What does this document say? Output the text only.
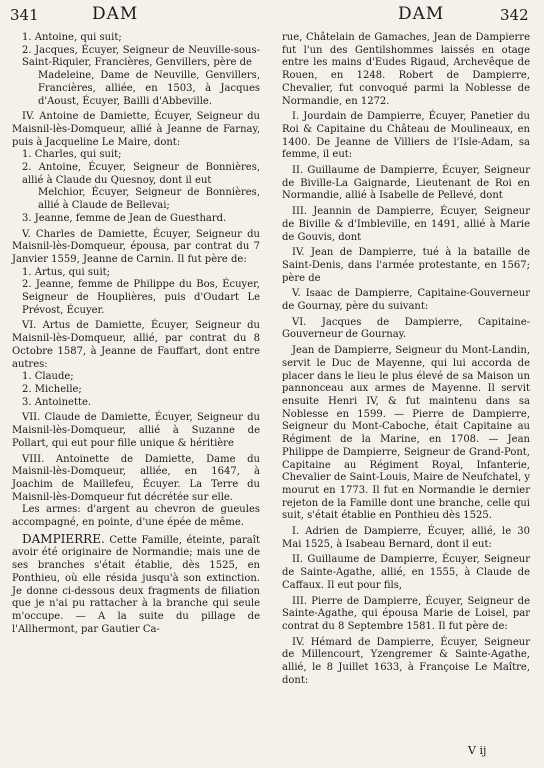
341	DAM	DAM	342

1. Antoine, qui suit;

2. Jacques, Écuyer, Seigneur de Neuville-sous-Saint-Riquier, Francières, Genvillers, père de

Madeleine, Dame de Neuville, Genvillers, Francières, alliée, en 1503, à Jacques d'Aoust, Écuyer, Bailli d'Abbeville.

IV. Antoine de Damiette, Écuyer, Seigneur du Maisnil-lès-Domqueur, allié à Jeanne de Farnay, puis à Jacqueline Le Maire, dont:

1. Charles, qui suit;

2. Antoine, Écuyer, Seigneur de Bonnières, allié à Claude du Quesnoy, dont il eut

Melchior, Écuyer, Seigneur de Bonnières, allié à Claude de Bellevai;

3. Jeanne, femme de Jean de Guesthard.

V. Charles de Damiette, Écuyer, Seigneur du Maisnil-lès-Domqueur, épousa, par contrat du 7 Janvier 1559, Jeanne de Carnin. Il fut père de:

1. Artus, qui suit;

2. Jeanne, femme de Philippe du Bos, Écuyer, Seigneur de Houplières, puis d'Oudart Le Prévost, Écuyer.

VI. Artus de Damiette, Écuyer, Seigneur du Maisnil-lès-Domqueur, allié, par contrat du 8 Octobre 1587, à Jeanne de Fauffart, dont entre autres:

1. Claude;

2. Michelle;

3. Antoinette.

VII. Claude de Damiette, Écuyer, Seigneur du Maisnil-lès-Domqueur, allié à Suzanne de Pollart, qui eut pour fille unique & héritière

VIII. Antoinette de Damiette, Dame du Maisnil-lès-Domqueur, alliée, en 1647, à Joachim de Maillefeu, Écuyer. La Terre du Maisnil-lès-Domqueur fut décrétée sur elle.

Les armes: d'argent au chevron de gueules accompagné, en pointe, d'une épée de même.

DAMPIERRE. Cette Famille, éteinte, paraît avoir été originaire de Normandie; mais une de ses branches s'était établie, dès 1525, en Ponthieu, où elle résida jusqu'à son extinction. Je donne ci-dessous deux fragments de filiation que je n'ai pu rattacher à la branche qui seule m'occupe. — A la suite du pillage de l'Allhermont, par Gautier Ca-

rue, Châtelain de Gamaches, Jean de Dampierre fut l'un des Gentilshommes laissés en otage entre les mains d'Eudes Rigaud, Archevêque de Rouen, en 1248. Robert de Dampierre, Chevalier, fut convoqué parmi la Noblesse de Normandie, en 1272.

I. Jourdain de Dampierre, Écuyer, Panetier du Roi & Capitaine du Château de Moulineaux, en 1400. De Jeanne de Villiers de l'Isle-Adam, sa femme, il eut:

II. Guillaume de Dampierre, Écuyer, Seigneur de Biville-La Gaignarde, Lieutenant de Roi en Normandie, allié à Isabelle de Pellevé, dont

III. Jeannin de Dampierre, Écuyer, Seigneur de Biville & d'Imbleville, en 1491, allié à Marie de Gouvis, dont

IV. Jean de Dampierre, tué à la bataille de Saint-Denis, dans l'armée protestante, en 1567; père de

V. Isaac de Dampierre, Capitaine-Gouverneur de Gournay, père du suivant:

VI. Jacques de Dampierre, Capitaine-Gouverneur de Gournay.

Jean de Dampierre, Seigneur du Mont-Landin, servit le Duc de Mayenne, qui lui accorda de placer dans le lieu le plus élevé de sa Maison un pannonceau aux armes de Mayenne. Il servit ensuite Henri IV, & fut maintenu dans sa Noblesse en 1599. — Pierre de Dampierre, Seigneur du Mont-Caboche, était Capitaine au Régiment de la Marine, en 1708. — Jean Philippe de Dampierre, Seigneur de Grand-Pont, Capitaine au Régiment Royal, Infanterie, Chevalier de Saint-Louis, Maire de Neufchatel, y mourut en 1773. Il fut en Normandie le dernier rejeton de la Famille dont une branche, celle qui suit, s'était établie en Ponthieu dès 1525.

I. Adrien de Dampierre, Écuyer, allié, le 30 Mai 1525, à Isabeau Bernard, dont il eut:

II. Guillaume de Dampierre, Écuyer, Seigneur de Sainte-Agathe, allié, en 1555, à Claude de Caffaux. Il eut pour fils,

III. Pierre de Dampierre, Écuyer, Seigneur de Sainte-Agathe, qui épousa Marie de Loisel, par contrat du 8 Septembre 1581. Il fut père de:

IV. Hémard de Dampierre, Écuyer, Seigneur de Millencourt, Yzengremer & Sainte-Agathe, allié, le 8 Juillet 1633, à Françoise Le Maître, dont:

V ij
